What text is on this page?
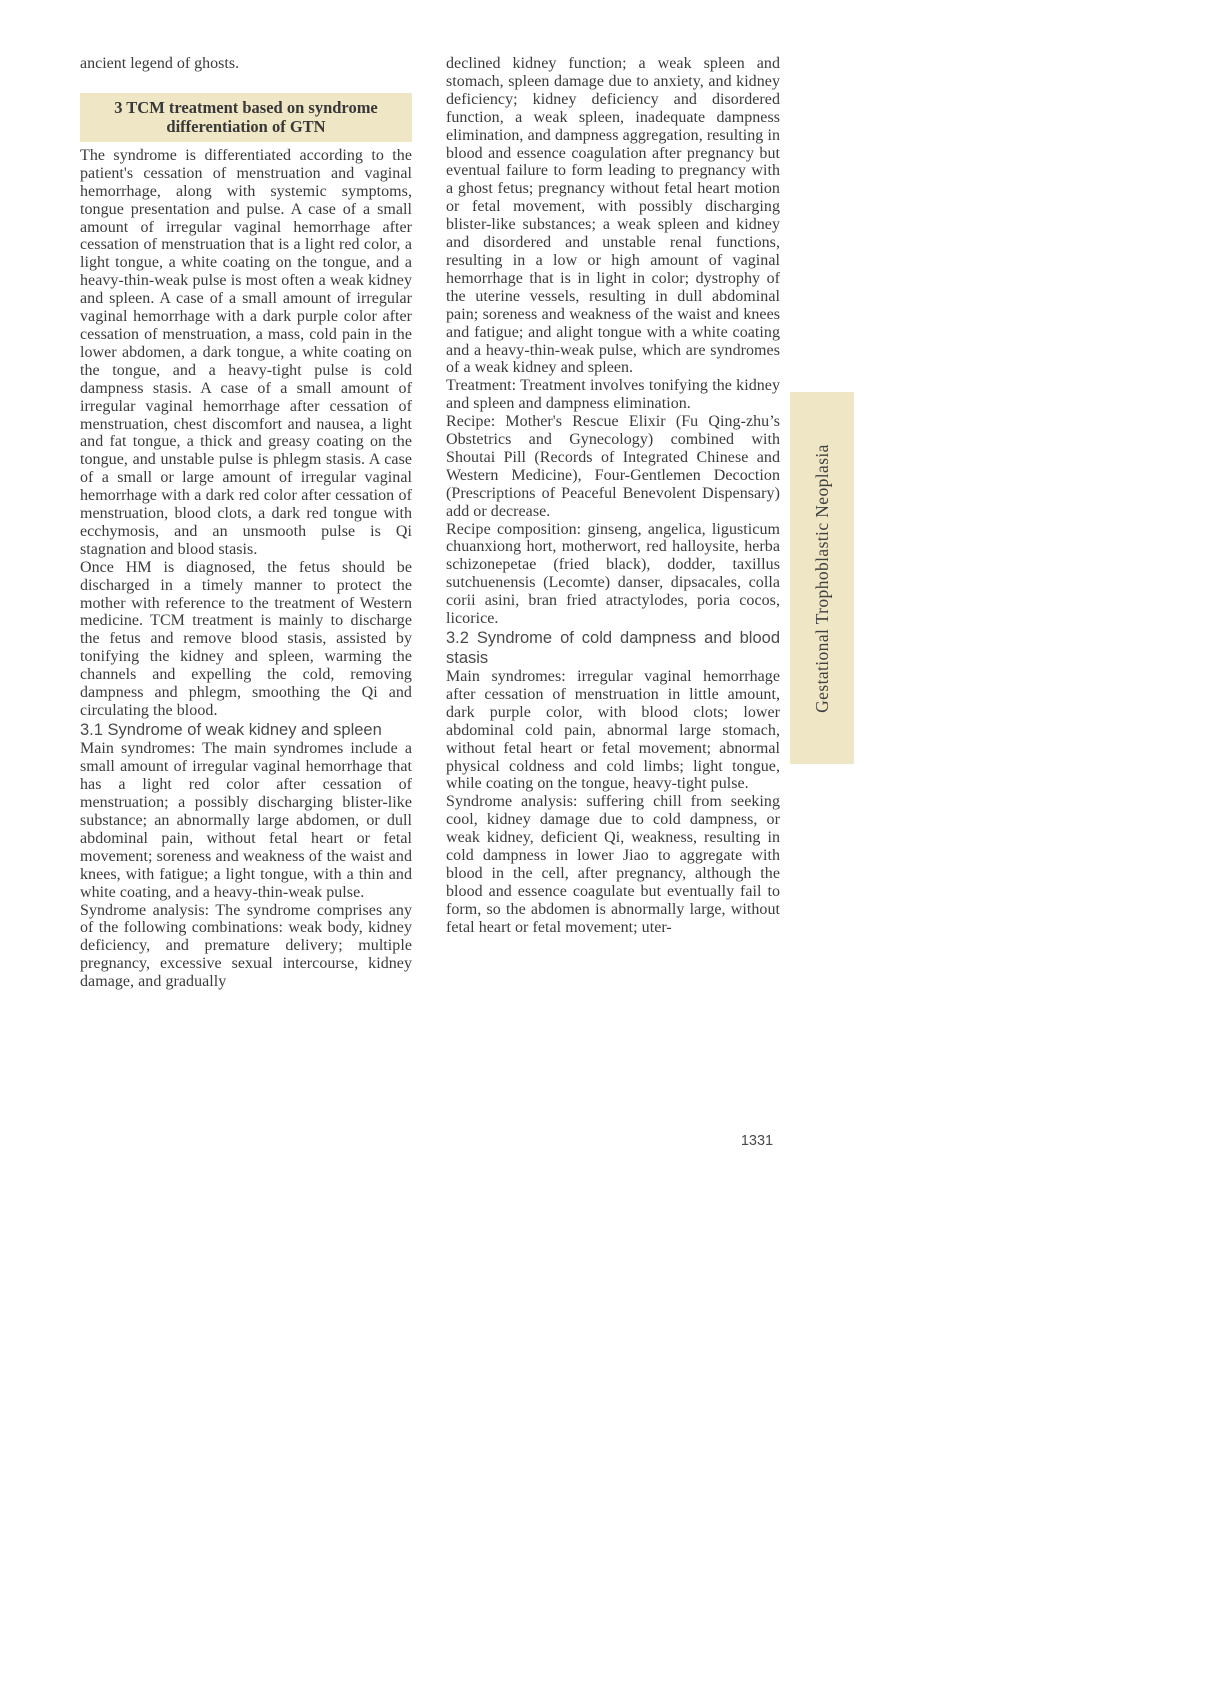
ancient legend of ghosts.

3 TCM treatment based on syndrome
differentiation of GTN

The syndrome is differentiated according to the patient's cessation of menstruation and vaginal hemorrhage, along with systemic symptoms, tongue presentation and pulse. A case of a small amount of irregular vaginal hemorrhage after cessation of menstruation that is a light red color, a light tongue, a white coating on the tongue, and a heavy-thin-weak pulse is most often a weak kidney and spleen. A case of a small amount of irregular vaginal hemorrhage with a dark purple color after cessation of menstruation, a mass, cold pain in the lower abdomen, a dark tongue, a white coating on the tongue, and a heavy-tight pulse is cold dampness stasis. A case of a small amount of irregular vaginal hemorrhage after cessation of menstruation, chest discomfort and nausea, a light and fat tongue, a thick and greasy coating on the tongue, and unstable pulse is phlegm stasis. A case of a small or large amount of irregular vaginal hemorrhage with a dark red color after cessation of menstruation, blood clots, a dark red tongue with ecchymosis, and an unsmooth pulse is Qi stagnation and blood stasis.

Once HM is diagnosed, the fetus should be discharged in a timely manner to protect the mother with reference to the treatment of Western medicine. TCM treatment is mainly to discharge the fetus and remove blood stasis, assisted by tonifying the kidney and spleen, warming the channels and expelling the cold, removing dampness and phlegm, smoothing the Qi and circulating the blood.

3.1 Syndrome of weak kidney and spleen

Main syndromes: The main syndromes include a small amount of irregular vaginal hemorrhage that has a light red color after cessation of menstruation; a possibly discharging blister-like substance; an abnormally large abdomen, or dull abdominal pain, without fetal heart or fetal movement; soreness and weakness of the waist and knees, with fatigue; a light tongue, with a thin and white coating, and a heavy-thin-weak pulse.

Syndrome analysis: The syndrome comprises any of the following combinations: weak body, kidney deficiency, and premature delivery; multiple pregnancy, excessive sexual intercourse, kidney damage, and gradually

declined kidney function; a weak spleen and stomach, spleen damage due to anxiety, and kidney deficiency; kidney deficiency and disordered function, a weak spleen, inadequate dampness elimination, and dampness aggregation, resulting in blood and essence coagulation after pregnancy but eventual failure to form leading to pregnancy with a ghost fetus; pregnancy without fetal heart motion or fetal movement, with possibly discharging blister-like substances; a weak spleen and kidney and disordered and unstable renal functions, resulting in a low or high amount of vaginal hemorrhage that is in light in color; dystrophy of the uterine vessels, resulting in dull abdominal pain; soreness and weakness of the waist and knees and fatigue; and alight tongue with a white coating and a heavy-thin-weak pulse, which are syndromes of a weak kidney and spleen.

Treatment: Treatment involves tonifying the kidney and spleen and dampness elimination.

Recipe: Mother's Rescue Elixir (Fu Qing-zhu’s Obstetrics and Gynecology) combined with Shoutai Pill (Records of Integrated Chinese and Western Medicine), Four-Gentlemen Decoction (Prescriptions of Peaceful Benevolent Dispensary) add or decrease.

Recipe composition: ginseng, angelica, ligusticum chuanxiong hort, motherwort, red halloysite, herba schizonepetae (fried black), dodder, taxillus sutchuenensis (Lecomte) danser, dipsacales, colla corii asini, bran fried atractylodes, poria cocos, licorice.

3.2 Syndrome of cold dampness and blood stasis

Main syndromes: irregular vaginal hemorrhage after cessation of menstruation in little amount, dark purple color, with blood clots; lower abdominal cold pain, abnormal large stomach, without fetal heart or fetal movement; abnormal physical coldness and cold limbs; light tongue, while coating on the tongue, heavy-tight pulse.

Syndrome analysis: suffering chill from seeking cool, kidney damage due to cold dampness, or weak kidney, deficient Qi, weakness, resulting in cold dampness in lower Jiao to aggregate with blood in the cell, after pregnancy, although the blood and essence coagulate but eventually fail to form, so the abdomen is abnormally large, without fetal heart or fetal movement; uter-

Gestational Trophoblastic Neoplasia
1331
